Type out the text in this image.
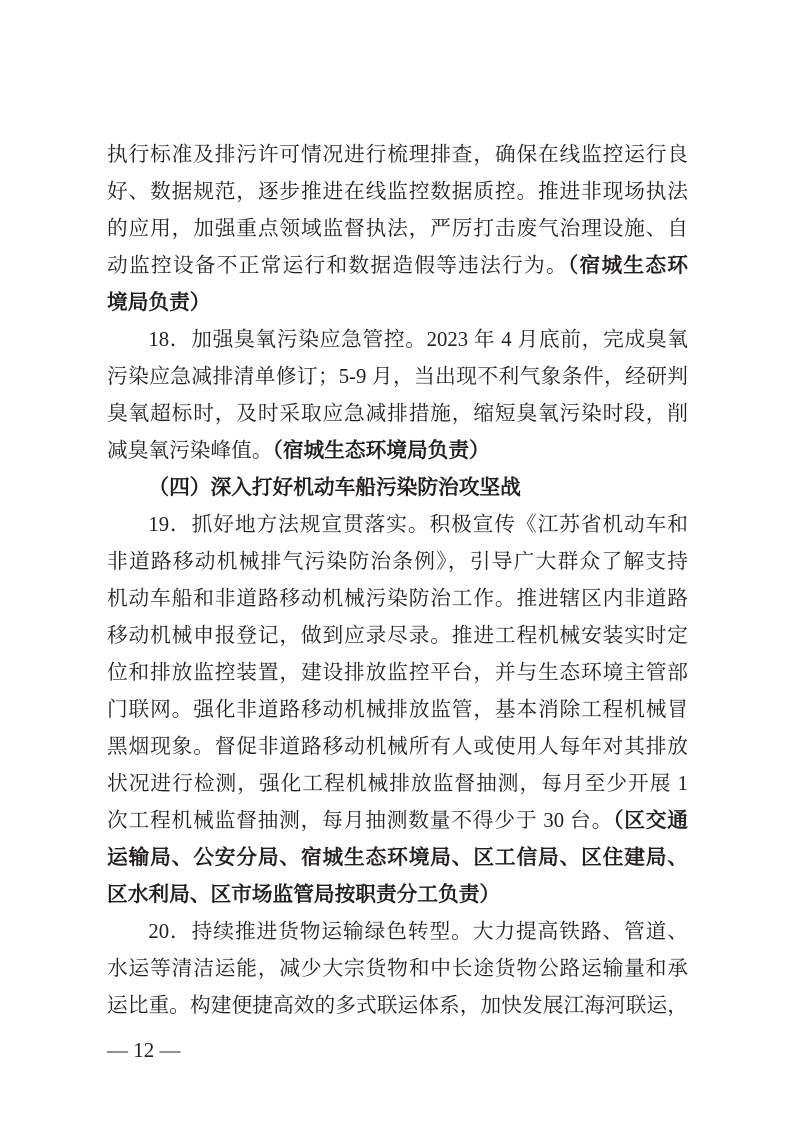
执行标准及排污许可情况进行梳理排查，确保在线监控运行良
好、数据规范，逐步推进在线监控数据质控。推进非现场执法
的应用，加强重点领域监督执法，严厉打击废气治理设施、自
动监控设备不正常运行和数据造假等违法行为。（宿城生态环
境局负责）
18．加强臭氧污染应急管控。2023 年 4 月底前，完成臭氧
污染应急减排清单修订；5-9 月，当出现不利气象条件，经研判
臭氧超标时，及时采取应急减排措施，缩短臭氧污染时段，削
减臭氧污染峰值。（宿城生态环境局负责）
（四）深入打好机动车船污染防治攻坚战
19．抓好地方法规宣贯落实。积极宣传《江苏省机动车和
非道路移动机械排气污染防治条例》，引导广大群众了解支持
机动车船和非道路移动机械污染防治工作。推进辖区内非道路
移动机械申报登记，做到应录尽录。推进工程机械安装实时定
位和排放监控装置，建设排放监控平台，并与生态环境主管部
门联网。强化非道路移动机械排放监管，基本消除工程机械冒
黑烟现象。督促非道路移动机械所有人或使用人每年对其排放
状况进行检测，强化工程机械排放监督抽测，每月至少开展 1
次工程机械监督抽测，每月抽测数量不得少于 30 台。（区交通
运输局、公安分局、宿城生态环境局、区工信局、区住建局、
区水利局、区市场监管局按职责分工负责）
20．持续推进货物运输绿色转型。大力提高铁路、管道、
水运等清洁运能，减少大宗货物和中长途货物公路运输量和承
运比重。构建便捷高效的多式联运体系，加快发展江海河联运，
— 12 —
